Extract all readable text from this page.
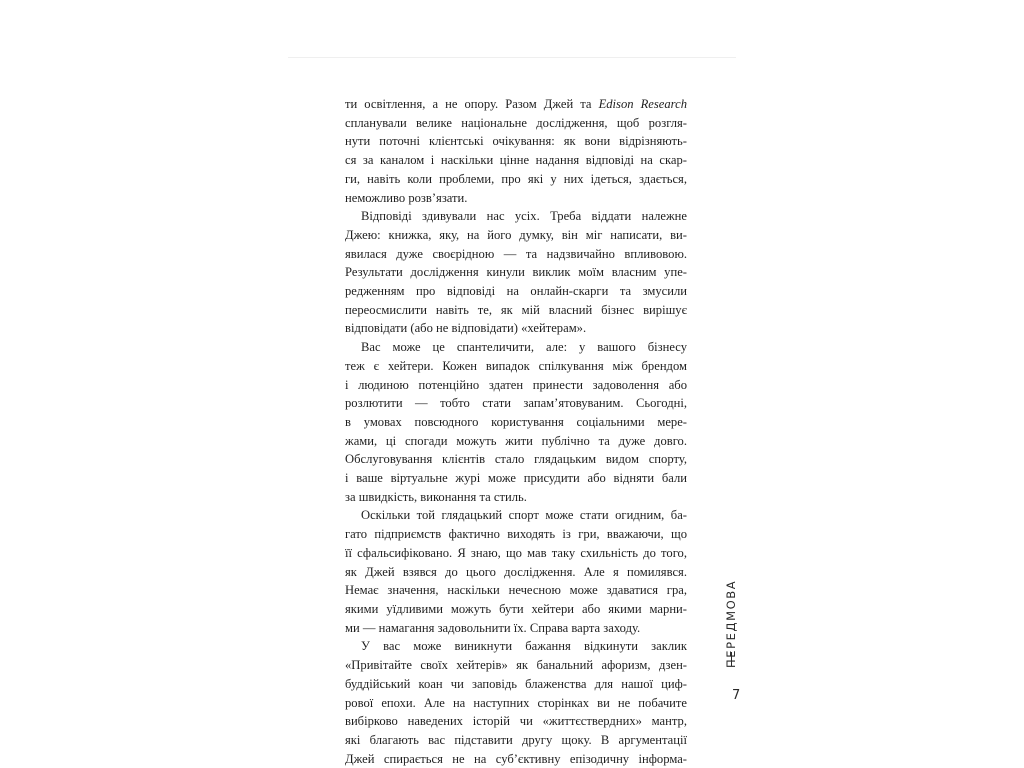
ти освітлення, а не опору. Разом Джей та Edison Research
спланували велике національне дослідження, щоб розгля-
нути поточні клієнтські очікування: як вони відрізняють-
ся за каналом і наскільки цінне надання відповіді на скар-
ги, навіть коли проблеми, про які у них ідеться, здається,
неможливо розв’язати.

Відповіді здивували нас усіх. Треба віддати належне
Джею: книжка, яку, на його думку, він міг написати, ви-
явилася дуже своєрідною — та надзвичайно впливовою.
Результати дослідження кинули виклик моїм власним упе-
редженням про відповіді на онлайн-скарги та змусили
переосмислити навіть те, як мій власний бізнес вирішує
відповідати (або не відповідати) «хейтерам».

Вас може це спантеличити, але: у вашого бізнесу
теж є хейтери. Кожен випадок спілкування між брендом
і людиною потенційно здатен принести задоволення або
розлютити — тобто стати запам’ятовуваним. Сьогодні,
в умовах повсюдного користування соціальними мере-
жами, ці спогади можуть жити публічно та дуже довго.
Обслуговування клієнтів стало глядацьким видом спорту,
і ваше віртуальне журі може присудити або відняти бали
за швидкість, виконання та стиль.

Оскільки той глядацький спорт може стати огидним, ба-
гато підприємств фактично виходять із гри, вважаючи, що
її сфальсифіковано. Я знаю, що мав таку схильність до того,
як Джей взявся до цього дослідження. Але я помилявся.
Немає значення, наскільки нечесною може здаватися гра,
якими уїдливими можуть бути хейтери або якими марни-
ми — намагання задовольнити їх. Справа варта заходу.

У вас може виникнути бажання відкинути заклик
«Привітайте своїх хейтерів» як банальний афоризм, дзен-
буддійський коан чи заповідь блаженства для нашої циф-
рової епохи. Але на наступних сторінках ви не побачите
вибірково наведених історій чи «життєствердних» мантр,
які благають вас підставити другу щоку. В аргументації
Джей спирається не на суб’єктивну епізодичну інформа-

ПЕРЕДМОВА
7
